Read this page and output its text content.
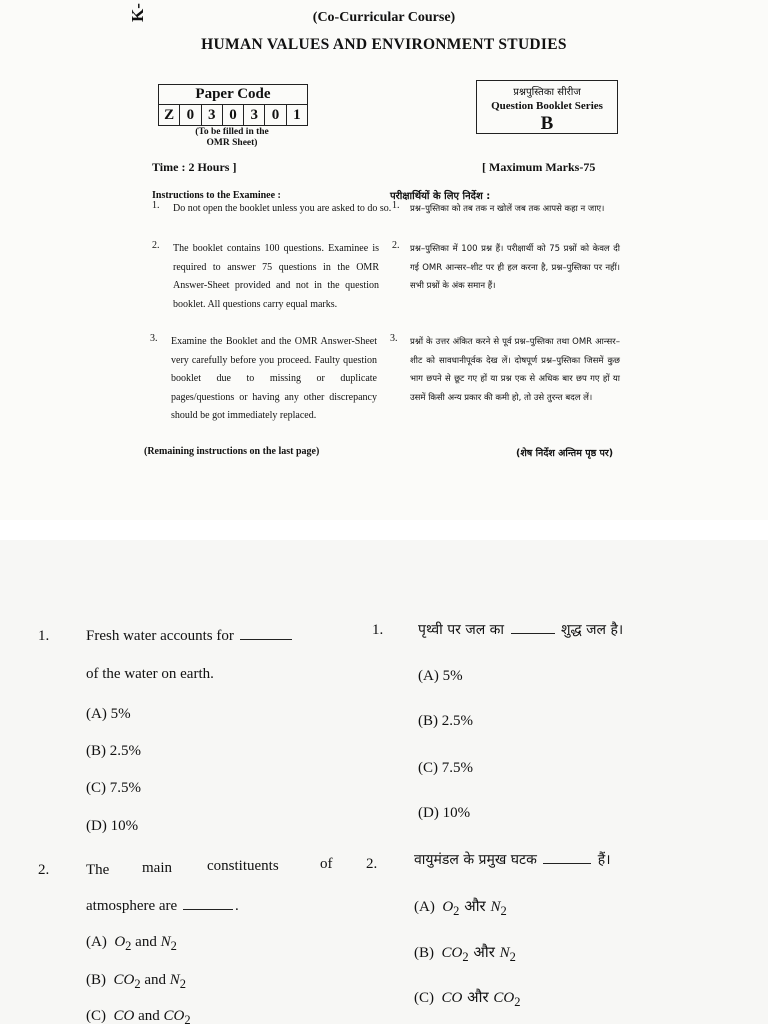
K-	(Co-Curricular Course)
HUMAN VALUES AND ENVIRONMENT STUDIES
Paper Code
Z 0 3 0 3 0 1
(To be filled in the
OMR Sheet)
प्रश्नपुस्तिका सीरीज
Question Booklet Series
B
Time : 2 Hours ]	[ Maximum Marks-75
Instructions to the Examinee :	परीक्षार्थियों के लिए निर्देश :
1. Do not open the booklet unless you are asked to do so.
2. The booklet contains 100 questions. Examinee is required to answer 75 questions in the OMR Answer-Sheet provided and not in the question booklet. All questions carry equal marks.
3. Examine the Booklet and the OMR Answer-Sheet very carefully before you proceed. Faulty question booklet due to missing or duplicate pages/questions or having any other discrepancy should be got immediately replaced.
1. प्रश्न–पुस्तिका को तब तक न खोलें जब तक आपसे कहा न जाए।
2. प्रश्न–पुस्तिका में 100 प्रश्न हैं। परीक्षार्थी को 75 प्रश्नों को केवल दी गई OMR आन्सर–शीट पर ही हल करना है, प्रश्न–पुस्तिका पर नहीं। सभी प्रश्नों के अंक समान हैं।
3. प्रश्नों के उत्तर अंकित करने से पूर्व प्रश्न–पुस्तिका तथा OMR आन्सर–शीट को सावधानीपूर्वक देख लें। दोषपूर्ण प्रश्न–पुस्तिका जिसमें कुछ भाग छपने से छूट गए हों या प्रश्न एक से अधिक बार छप गए हों या उसमें किसी अन्य प्रकार की कमी हो, तो उसे तुरन्त बदल लें।
(Remaining instructions on the last page)	(शेष निर्देश अन्तिम पृष्ठ पर)
1. Fresh water accounts for
of the water on earth.
(A) 5%
(B) 2.5%
(C) 7.5%
(D) 10%
1. पृथ्वी पर जल का	शुद्ध जल है।
(A) 5%
(B) 2.5%
(C) 7.5%
(D) 10%
2. The main constituents	of
atmosphere are	.
(A) $O_2$ and $N_2$
(B) $CO_2$ and $N_2$
(C) CO and $CO_2$
2.	वायुमंडल के प्रमुख घटक	हैं।
(A) $O_2$ और $N_2$
(B) $CO_2$ और $N_2$
(C) CO और $CO_2$
